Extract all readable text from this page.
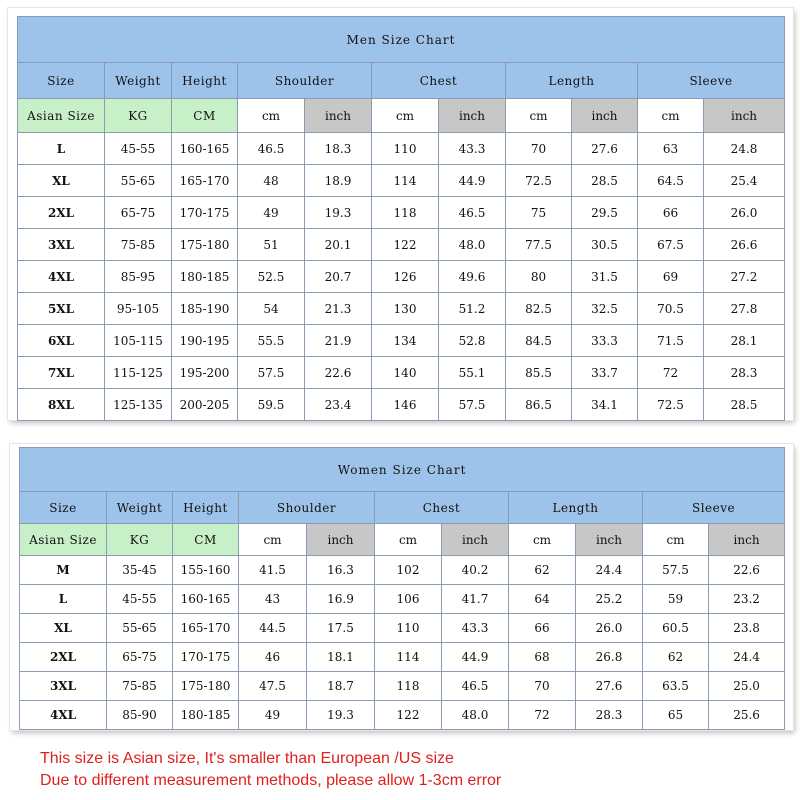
Men Size Chart										
Size	Weight	Height	Shoulder		Chest		Length		Sleeve	
Asian Size	KG	CM	cm	inch	cm	inch	cm	inch	cm	inch
L	45-55	160-165	46.5	18.3	110	43.3	70	27.6	63	24.8
XL	55-65	165-170	48	18.9	114	44.9	72.5	28.5	64.5	25.4
2XL	65-75	170-175	49	19.3	118	46.5	75	29.5	66	26.0
3XL	75-85	175-180	51	20.1	122	48.0	77.5	30.5	67.5	26.6
4XL	85-95	180-185	52.5	20.7	126	49.6	80	31.5	69	27.2
5XL	95-105	185-190	54	21.3	130	51.2	82.5	32.5	70.5	27.8
6XL	105-115	190-195	55.5	21.9	134	52.8	84.5	33.3	71.5	28.1
7XL	115-125	195-200	57.5	22.6	140	55.1	85.5	33.7	72	28.3
8XL	125-135	200-205	59.5	23.4	146	57.5	86.5	34.1	72.5	28.5
Women Size Chart										
Size	Weight	Height	Shoulder		Chest		Length		Sleeve	
Asian Size	KG	CM	cm	inch	cm	inch	cm	inch	cm	inch
M	35-45	155-160	41.5	16.3	102	40.2	62	24.4	57.5	22.6
L	45-55	160-165	43	16.9	106	41.7	64	25.2	59	23.2
XL	55-65	165-170	44.5	17.5	110	43.3	66	26.0	60.5	23.8
2XL	65-75	170-175	46	18.1	114	44.9	68	26.8	62	24.4
3XL	75-85	175-180	47.5	18.7	118	46.5	70	27.6	63.5	25.0
4XL	85-90	180-185	49	19.3	122	48.0	72	28.3	65	25.6
This size is Asian size, It's smaller than European /US size
Due to different measurement methods, please allow 1-3cm error
